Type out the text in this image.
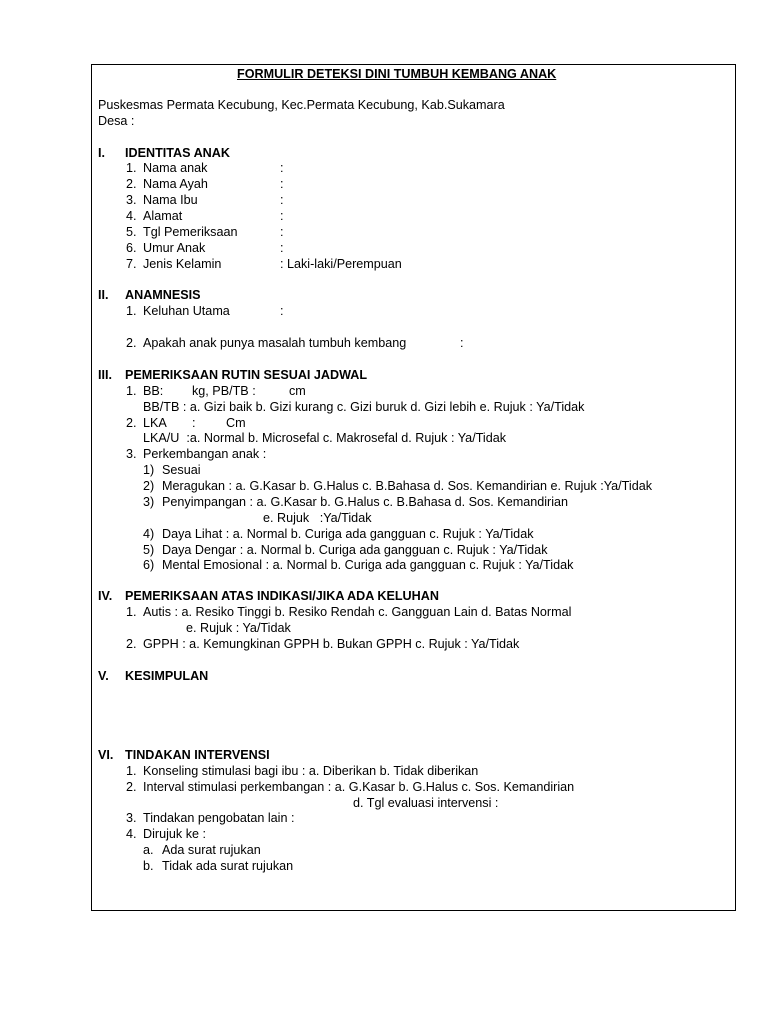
FORMULIR DETEKSI DINI TUMBUH KEMBANG ANAK
Puskesmas Permata Kecubung, Kec.Permata Kecubung, Kab.Sukamara
Desa :
I. IDENTITAS ANAK
1. Nama anak	:
2. Nama Ayah	:
3. Nama Ibu	:
4. Alamat	:
5. Tgl Pemeriksaan	:
6. Umur Anak	:
7. Jenis Kelamin	: Laki-laki/Perempuan
II. ANAMNESIS
1. Keluhan Utama	:
2. Apakah anak punya masalah tumbuh kembang	:
III. PEMERIKSAAN RUTIN SESUAI JADWAL
1. BB: kg, PB/TB :	cm
BB/TB : a. Gizi baik b. Gizi kurang c. Gizi buruk d. Gizi lebih e. Rujuk : Ya/Tidak
2. LKA : Cm
LKA/U  :a. Normal b. Microsefal c. Makrosefal d. Rujuk : Ya/Tidak
3. Perkembangan anak :
1) Sesuai
2) Meragukan : a. G.Kasar b. G.Halus c. B.Bahasa d. Sos. Kemandirian e. Rujuk :Ya/Tidak
3) Penyimpangan : a. G.Kasar b. G.Halus c. B.Bahasa d. Sos. Kemandirian
e. Rujuk   :Ya/Tidak
4) Daya Lihat : a. Normal b. Curiga ada gangguan c. Rujuk : Ya/Tidak
5) Daya Dengar : a. Normal b. Curiga ada gangguan c. Rujuk : Ya/Tidak
6) Mental Emosional : a. Normal b. Curiga ada gangguan c. Rujuk : Ya/Tidak
IV. PEMERIKSAAN ATAS INDIKASI/JIKA ADA KELUHAN
1. Autis : a. Resiko Tinggi b. Resiko Rendah c. Gangguan Lain d. Batas Normal
e. Rujuk : Ya/Tidak
2. GPPH : a. Kemungkinan GPPH b. Bukan GPPH c. Rujuk : Ya/Tidak
V. KESIMPULAN
VI. TINDAKAN INTERVENSI
1. Konseling stimulasi bagi ibu : a. Diberikan b. Tidak diberikan
2. Interval stimulasi perkembangan : a. G.Kasar b. G.Halus c. Sos. Kemandirian
d. Tgl evaluasi intervensi :
3. Tindakan pengobatan lain :
4. Dirujuk ke :
a. Ada surat rujukan
b. Tidak ada surat rujukan
